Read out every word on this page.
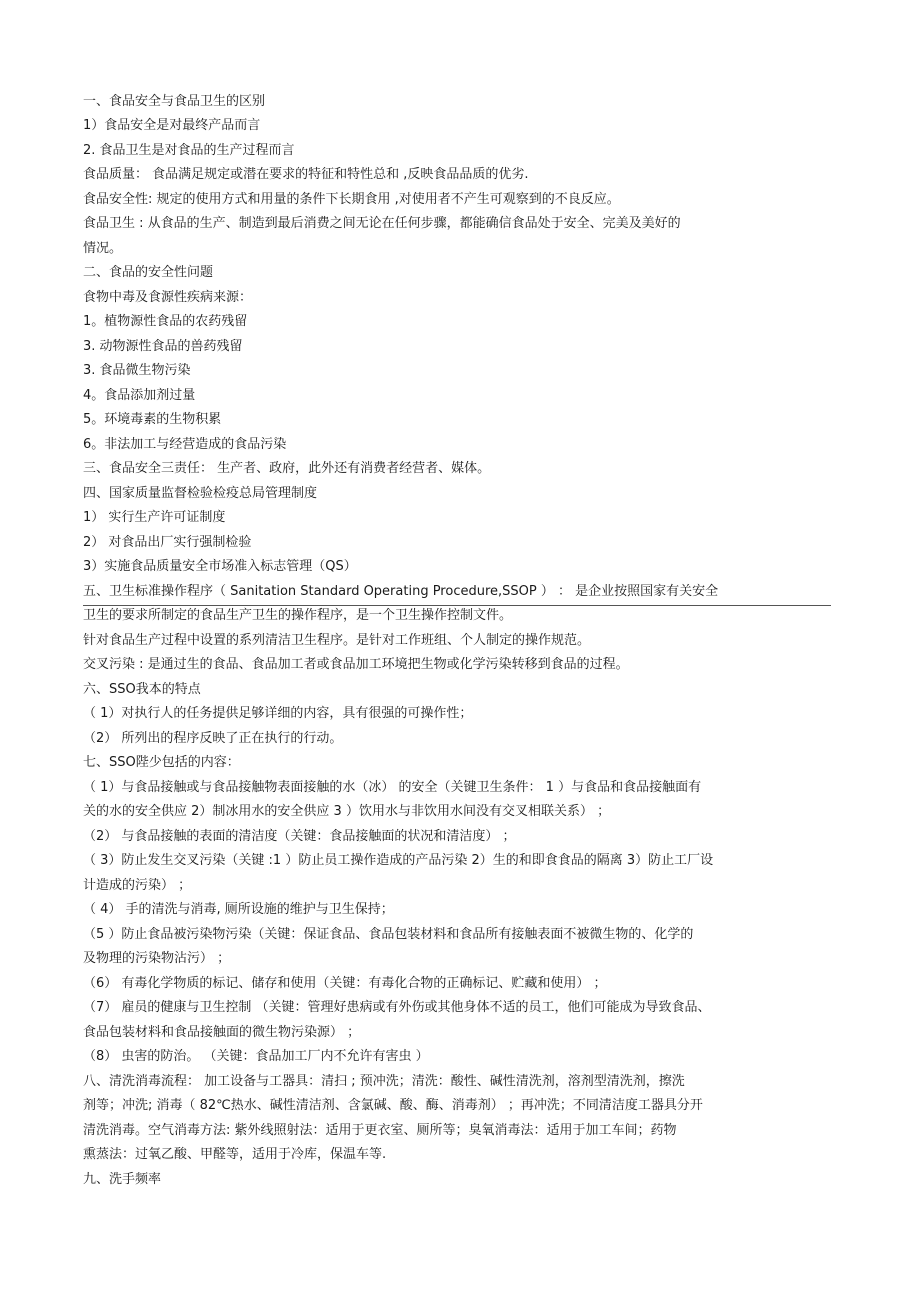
一、食品安全与食品卫生的区别
1）食品安全是对最终产品而言
2. 食品卫生是对食品的生产过程而言
食品质量： 食品满足规定或潜在要求的特征和特性总和 ,反映食品品质的优劣.
食品安全性: 规定的使用方式和用量的条件下长期食用 ,对使用者不产生可观察到的不良反应。
食品卫生 : 从食品的生产、制造到最后消费之间无论在任何步骤，都能确信食品处于安全、完美及美好的
情况。
二、食品的安全性问题
食物中毒及食源性疾病来源：
1。植物源性食品的农药残留
3. 动物源性食品的兽药残留
3. 食品微生物污染
4。食品添加剂过量
5。环境毒素的生物积累
6。非法加工与经营造成的食品污染
三、食品安全三责任： 生产者、政府，此外还有消费者经营者、媒体。
四、国家质量监督检验检疫总局管理制度
1） 实行生产许可证制度
2） 对食品出厂实行强制检验
3）实施食品质量安全市场准入标志管理（QS）
五、卫生标准操作程序（ Sanitation Standard Operating Procedure,SSOP ） ： 是企业按照国家有关安全
卫生的要求所制定的食品生产卫生的操作程序，是一个卫生操作控制文件。
针对食品生产过程中设置的系列清洁卫生程序。是针对工作班组、个人制定的操作规范。
交叉污染 : 是通过生的食品、食品加工者或食品加工环境把生物或化学污染转移到食品的过程。
六、SSO我本的特点
（ 1）对执行人的任务提供足够详细的内容，具有很强的可操作性；
（2） 所列出的程序反映了正在执行的行动。
七、SSO陛少包括的内容：
（ 1）与食品接触或与食品接触物表面接触的水（冰） 的安全（关键卫生条件： 1 ）与食品和食品接触面有
关的水的安全供应 2）制冰用水的安全供应 3 ）饮用水与非饮用水间没有交叉相联关系） ；
（2） 与食品接触的表面的清洁度（关键：食品接触面的状况和清洁度） ；
（ 3）防止发生交叉污染（关键 :1 ）防止员工操作造成的产品污染 2）生的和即食食品的隔离 3）防止工厂设
计造成的污染） ；
（ 4） 手的清洗与消毒, 厕所设施的维护与卫生保持；
（5 ）防止食品被污染物污染（关键：保证食品、食品包装材料和食品所有接触表面不被微生物的、化学的
及物理的污染物沾污） ；
（6） 有毒化学物质的标记、储存和使用（关键：有毒化合物的正确标记、贮藏和使用） ；
（7） 雇员的健康与卫生控制 （关键：管理好患病或有外伤或其他身体不适的员工，他们可能成为导致食品、
食品包装材料和食品接触面的微生物污染源） ；
（8） 虫害的防治。 （关键：食品加工厂内不允许有害虫 ）
八、清洗消毒流程： 加工设备与工器具：清扫 ; 预冲洗；清洗：酸性、碱性清洗剂，溶剂型清洗剂，擦洗
剂等；冲洗; 消毒（ 82℃热水、碱性清洁剂、含氯碱、酸、酶、消毒剂） ；再冲洗；不同清洁度工器具分开
清洗消毒。空气消毒方法: 紫外线照射法：适用于更衣室、厕所等；臭氧消毒法：适用于加工车间；药物
熏蒸法：过氧乙酸、甲醛等，适用于冷库，保温车等.
九、洗手频率
